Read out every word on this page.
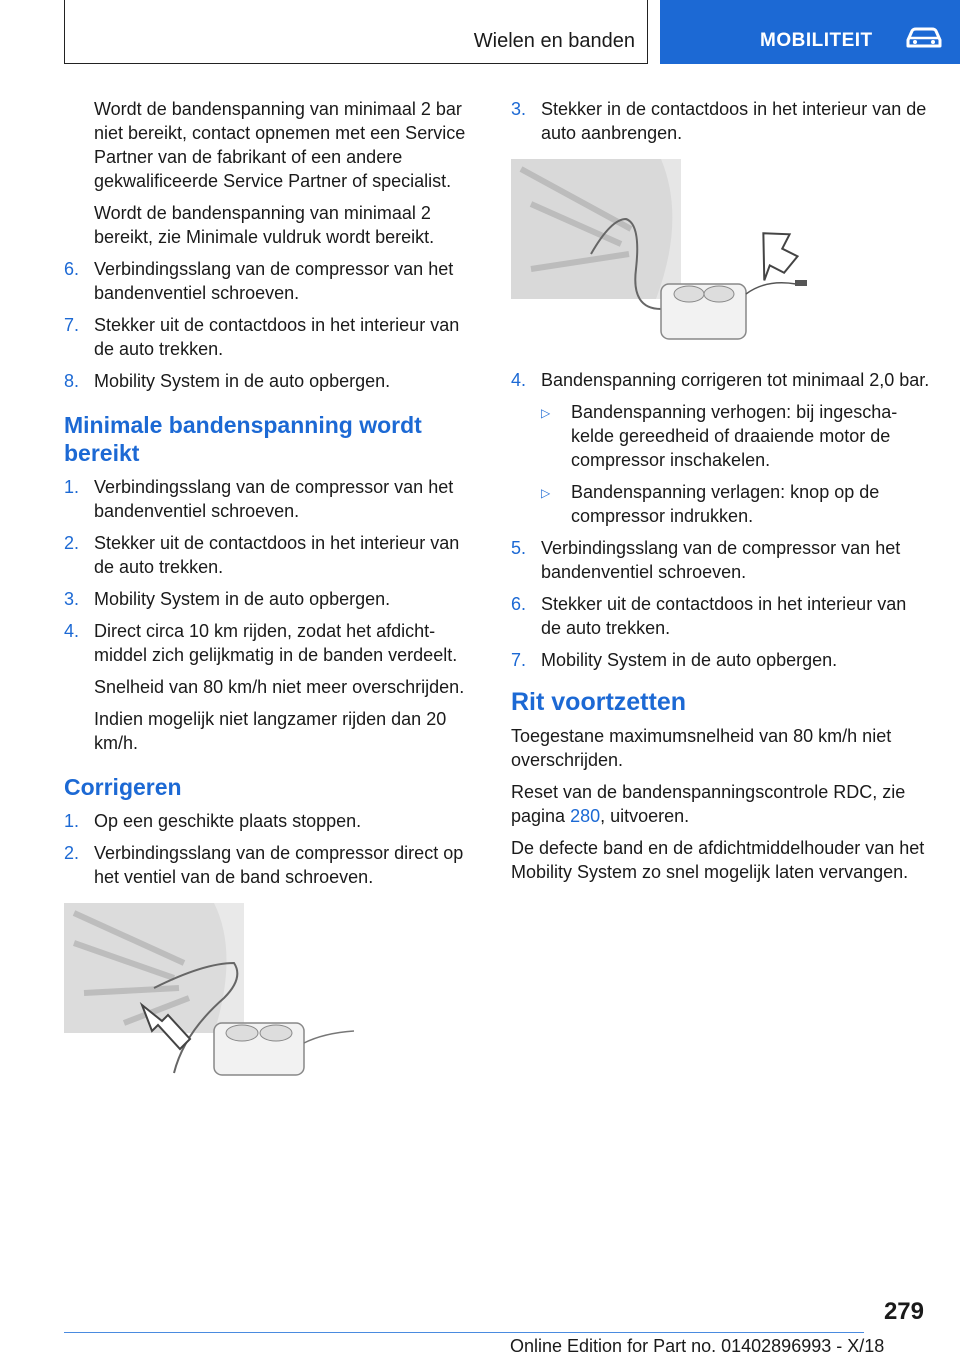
Wielen en banden	MOBILITEIT

Wordt de bandenspanning van minimaal 2 bar niet bereikt, contact opnemen met een Service Partner van de fabrikant of een andere gekwalificeerde Service Partner of specialist.

Wordt de bandenspanning van minimaal 2 bereikt, zie Minimale vuldruk wordt bereikt.

6. Verbindingsslang van de compressor van het bandenventiel schroeven.
7. Stekker uit de contactdoos in het interieur van de auto trekken.
8. Mobility System in de auto opbergen.
Minimale bandenspanning wordt bereikt
1. Verbindingsslang van de compressor van het bandenventiel schroeven.
2. Stekker uit de contactdoos in het interieur van de auto trekken.
3. Mobility System in de auto opbergen.
4. Direct circa 10 km rijden, zodat het afdichtmiddel zich gelijkmatig in de banden verdeelt.

Snelheid van 80 km/h niet meer overschrijden.

Indien mogelijk niet langzamer rijden dan 20 km/h.

Corrigeren
1. Op een geschikte plaats stoppen.
2. Verbindingsslang van de compressor direct op het ventiel van de band schroeven.
3. Stekker in de contactdoos in het interieur van de auto aanbrengen.
4. Bandenspanning corrigeren tot minimaal 2,0 bar.
▷	Bandenspanning verhogen: bij ingeschakelde gereedheid of draaiende motor de compressor inschakelen.
▷	Bandenspanning verlagen: knop op de compressor indrukken.
5. Verbindingsslang van de compressor van het bandenventiel schroeven.
6. Stekker uit de contactdoos in het interieur van de auto trekken.
7. Mobility System in de auto opbergen.
Rit voortzetten

Toegestane maximumsnelheid van 80 km/h niet overschrijden.

Reset van de bandenspanningscontrole RDC, zie pagina 280, uitvoeren.

De defecte band en de afdichtmiddelhouder van het Mobility System zo snel mogelijk laten vervangen.

279
Online Edition for Part no. 01402896993 - X/18
